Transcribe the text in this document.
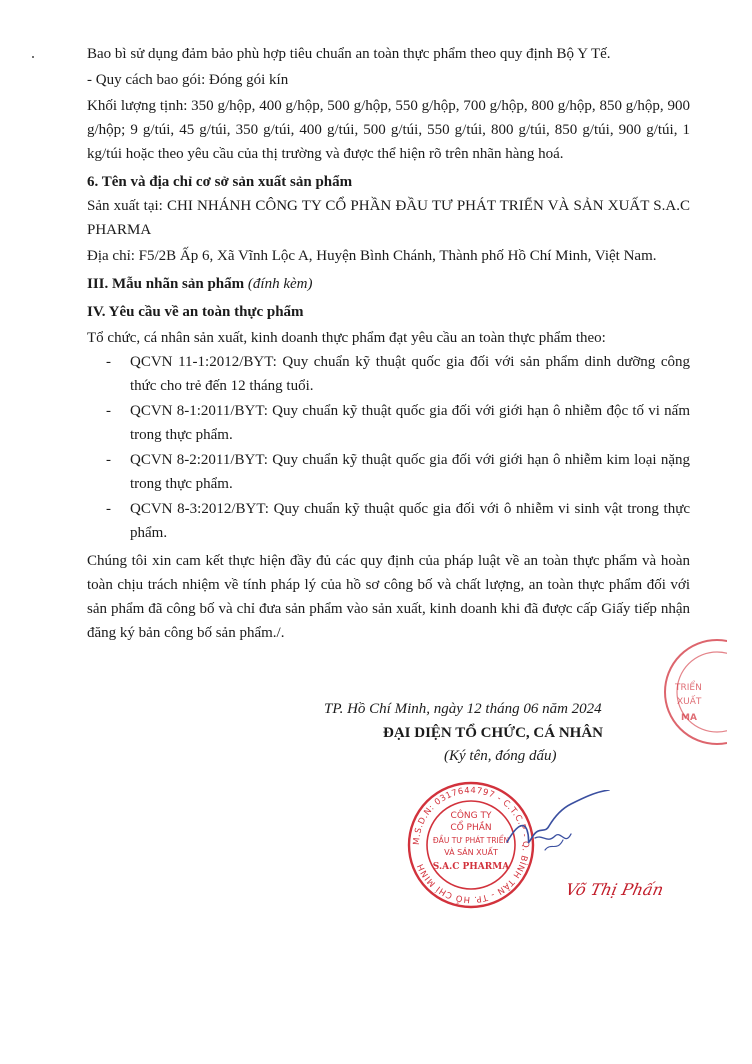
Bao bì sử dụng đảm bảo phù hợp tiêu chuẩn an toàn thực phẩm theo quy định Bộ Y Tế.

- Quy cách bao gói: Đóng gói kín

Khối lượng tịnh: 350 g/hộp, 400 g/hộp, 500 g/hộp, 550 g/hộp, 700 g/hộp, 800 g/hộp, 850 g/hộp, 900 g/hộp; 9 g/túi, 45 g/túi, 350 g/túi, 400 g/túi, 500 g/túi, 550 g/túi, 800 g/túi, 850 g/túi, 900 g/túi, 1 kg/túi hoặc theo yêu cầu của thị trường và được thể hiện rõ trên nhãn hàng hoá.

6. Tên và địa chỉ cơ sở sản xuất sản phẩm

Sản xuất tại: CHI NHÁNH CÔNG TY CỔ PHẦN ĐẦU TƯ PHÁT TRIỂN VÀ SẢN XUẤT S.A.C PHARMA

Địa chỉ: F5/2B Ấp 6, Xã Vĩnh Lộc A, Huyện Bình Chánh, Thành phố Hồ Chí Minh, Việt Nam.

III. Mẫu nhãn sản phẩm (đính kèm)

IV. Yêu cầu về an toàn thực phẩm

Tổ chức, cá nhân sản xuất, kinh doanh thực phẩm đạt yêu cầu an toàn thực phẩm theo:

- QCVN 11-1:2012/BYT: Quy chuẩn kỹ thuật quốc gia đối với sản phẩm dinh dưỡng công thức cho trẻ đến 12 tháng tuổi.
- QCVN 8-1:2011/BYT: Quy chuẩn kỹ thuật quốc gia đối với giới hạn ô nhiễm độc tố vi nấm trong thực phẩm.
- QCVN 8-2:2011/BYT: Quy chuẩn kỹ thuật quốc gia đối với giới hạn ô nhiễm kim loại nặng trong thực phẩm.
- QCVN 8-3:2012/BYT: Quy chuẩn kỹ thuật quốc gia đối với ô nhiễm vi sinh vật trong thực phẩm.

Chúng tôi xin cam kết thực hiện đầy đủ các quy định của pháp luật về an toàn thực phẩm và hoàn toàn chịu trách nhiệm về tính pháp lý của hồ sơ công bố và chất lượng, an toàn thực phẩm đối với sản phẩm đã công bố và chỉ đưa sản phẩm vào sản xuất, kinh doanh khi đã được cấp Giấy tiếp nhận đăng ký bản công bố sản phẩm./.

TP. Hồ Chí Minh, ngày 12 tháng 06 năm 2024
ĐẠI DIỆN TỔ CHỨC, CÁ NHÂN
(Ký tên, đóng dấu)
TRIỂN
XUẤT
MA
M.S.D.N: 0317644797 - C.T.C.P - Q. BÌNH TÂN - TP. HỒ CHÍ MINH
CÔNG TY
CỔ PHẦN
ĐẦU TƯ PHÁT TRIỂN
VÀ SẢN XUẤT
S.A.C PHARMA
Võ Thị Phấn
